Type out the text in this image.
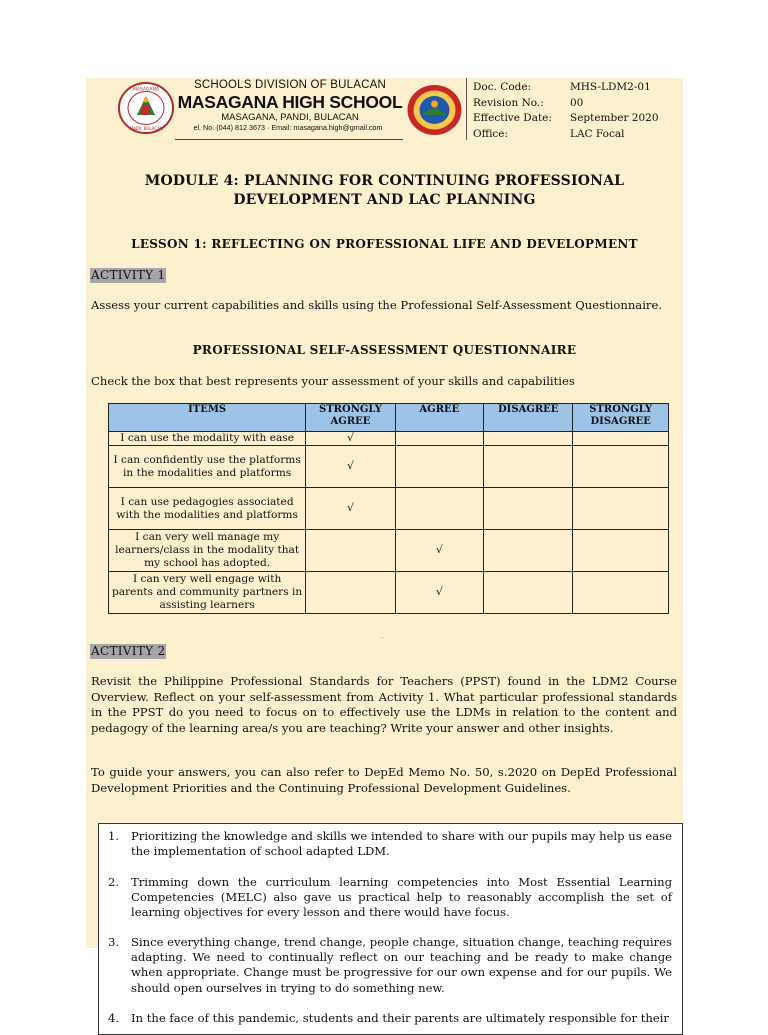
MASAGANA
PANDI, BULACAN
SCHOOLS DIVISION OF BULACAN
MASAGANA HIGH SCHOOL
MASAGANA, PANDI, BULACAN
el. No. (044) 812 3673 · Email: masagana.high@gmail.com
Doc. Code:	MHS-LDM2-01
Revision No.:	00
Effective Date:	September 2020
Office:	LAC Focal
MODULE 4: PLANNING FOR CONTINUING PROFESSIONAL
DEVELOPMENT AND LAC PLANNING
LESSON 1: REFLECTING ON PROFESSIONAL LIFE AND DEVELOPMENT
ACTIVITY 1
Assess your current capabilities and skills using the Professional Self-Assessment Questionnaire.
PROFESSIONAL SELF-ASSESSMENT QUESTIONNAIRE
Check the box that best represents your assessment of your skills and capabilities
ITEMS	STRONGLY AGREE	AGREE	DISAGREE	STRONGLY DISAGREE
I can use the modality with ease	√			
I can confidently use the platforms in the modalities and platforms	√			
I can use pedagogies associated with the modalities and platforms	√			
I can very well manage my learners/class in the modality that my school has adopted.		√		
I can very well engage with parents and community partners in assisting learners		√		
·
ACTIVITY 2
Revisit the Philippine Professional Standards for Teachers (PPST) found in the LDM2 Course Overview. Reflect on your self-assessment from Activity 1. What particular professional standards in the PPST do you need to focus on to effectively use the LDMs in relation to the content and pedagogy of the learning area/s you are teaching? Write your answer and other insights.
To guide your answers, you can also refer to DepEd Memo No. 50, s.2020 on DepEd Professional Development Priorities and the Continuing Professional Development Guidelines.
1. Prioritizing the knowledge and skills we intended to share with our pupils may help us ease the implementation of school adapted LDM.
2. Trimming down the curriculum learning competencies into Most Essential Learning Competencies (MELC) also gave us practical help to reasonably accomplish the set of learning objectives for every lesson and there would have focus.
3. Since everything change, trend change, people change, situation change, teaching requires adapting. We need to continually reflect on our teaching and be ready to make change when appropriate. Change must be progressive for our own expense and for our pupils. We should open ourselves in trying to do something new.
4. In the face of this pandemic, students and their parents are ultimately responsible for their
